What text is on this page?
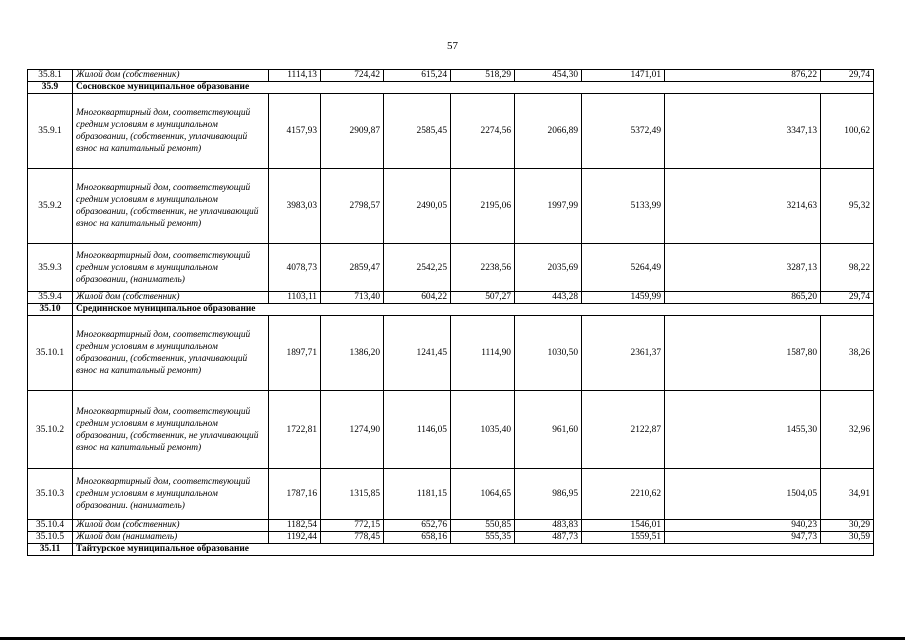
57
35.8.1	Жилой дом (собственник)	1114,13	724,42	615,24	518,29	454,30	1471,01	876,22	29,74
35.9	Сосновское муниципальное образование								
35.9.1	Многоквартирный дом, соответствующий средним условиям в муниципальном образовании, (собственник, уплачивающий взнос на капитальный ремонт)	4157,93	2909,87	2585,45	2274,56	2066,89	5372,49	3347,13	100,62
35.9.2	Многоквартирный дом, соответствующий средним условиям в муниципальном образовании, (собственник, не уплачивающий взнос на капитальный ремонт)	3983,03	2798,57	2490,05	2195,06	1997,99	5133,99	3214,63	95,32
35.9.3	Многоквартирный дом, соответствующий средним условиям в муниципальном образовании, (наниматель)	4078,73	2859,47	2542,25	2238,56	2035,69	5264,49	3287,13	98,22
35.9.4	Жилой дом (собственник)	1103,11	713,40	604,22	507,27	443,28	1459,99	865,20	29,74
35.10	Срединнское муниципальное образование								
35.10.1	Многоквартирный дом, соответствующий средним условиям в муниципальном образовании, (собственник, уплачивающий взнос на капитальный ремонт)	1897,71	1386,20	1241,45	1114,90	1030,50	2361,37	1587,80	38,26
35.10.2	Многоквартирный дом, соответствующий средним условиям в муниципальном образовании, (собственник, не уплачивающий взнос на капитальный ремонт)	1722,81	1274,90	1146,05	1035,40	961,60	2122,87	1455,30	32,96
35.10.3	Многоквартирный дом, соответствующий средним условиям в муниципальном образовании. (наниматель)	1787,16	1315,85	1181,15	1064,65	986,95	2210,62	1504,05	34,91
35.10.4	Жилой дом (собственник)	1182,54	772,15	652,76	550,85	483,83	1546,01	940,23	30,29
35.10.5	Жилой дом (наниматель)	1192,44	778,45	658,16	555,35	487,73	1559,51	947,73	30,59
35.11	Тайтурское муниципальное образование								
